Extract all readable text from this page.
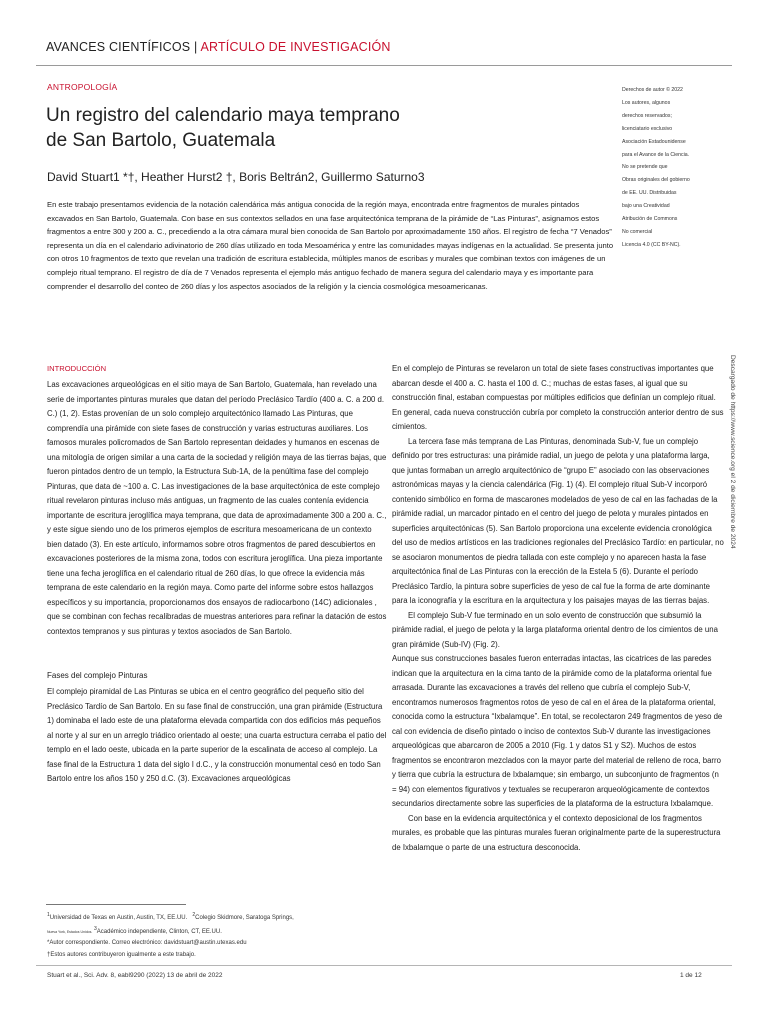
AVANCES CIENTÍFICOS | ARTÍCULO DE INVESTIGACIÓN
ANTROPOLOGÍA
Un registro del calendario maya temprano de San Bartolo, Guatemala
David Stuart1 *†, Heather Hurst2 †, Boris Beltrán2, Guillermo Saturno3
Derechos de autor © 2022
Los autores, algunos
derechos reservados;
licenciatario exclusivo
Asociación Estadounidense
para el Avance de la Ciencia.
No se pretende que
Obras originales del gobierno
de EE. UU. Distribuidas
bajo una Creatividad
Atribución de Commons
No comercial
Licencia 4.0 (CC BY-NC).

En este trabajo presentamos evidencia de la notación calendárica más antigua conocida de la región maya, encontrada entre fragmentos de murales pintados excavados en San Bartolo, Guatemala. Con base en sus contextos sellados en una fase arquitectónica temprana de la pirámide de “Las Pinturas”, asignamos estos fragmentos a entre 300 y 200 a. C., precediendo a la otra cámara mural bien conocida de San Bartolo por aproximadamente 150 años. El registro de fecha “7 Venados” representa un día en el calendario adivinatorio de 260 días utilizado en toda Mesoamérica y entre las comunidades mayas indígenas en la actualidad. Se presenta junto con otros 10 fragmentos de texto que revelan una tradición de escritura establecida, múltiples manos de escribas y murales que combinan textos con imágenes de un complejo ritual temprano. El registro de día de 7 Venados representa el ejemplo más antiguo fechado de manera segura del calendario maya y es importante para comprender el desarrollo del conteo de 260 días y los aspectos asociados de la religión y la ciencia cosmológica mesoamericanas.

INTRODUCCIÓN

Las excavaciones arqueológicas en el sitio maya de San Bartolo, Guatemala, han revelado una serie de importantes pinturas murales que datan del período Preclásico Tardío (400 a. C. a 200 d. C.) (1, 2). Estas provenían de un solo complejo arquitectónico llamado Las Pinturas, que comprendía una pirámide con siete fases de construcción y varias estructuras auxiliares. Los famosos murales policromados de San Bartolo representan deidades y humanos en escenas de una mitología de origen similar a una carta de la sociedad y religión maya de las tierras bajas, que fueron pintados dentro de un templo, la Estructura Sub-1A, de la penúltima fase del complejo Pinturas, que data de ~100 a. C. Las investigaciones de la base arquitectónica de este complejo ritual revelaron pinturas incluso más antiguas, un fragmento de las cuales contenía evidencia importante de escritura jeroglífica maya temprana, que data de aproximadamente 300 a 200 a. C., y este sigue siendo uno de los primeros ejemplos de escritura mesoamericana de un contexto bien datado (3). En este artículo, informamos sobre otros fragmentos de pared descubiertos en excavaciones posteriores de la misma zona, todos con escritura jeroglífica. Una pieza importante tiene una fecha jeroglífica en el calendario ritual de 260 días, lo que ofrece la evidencia más temprana de este calendario en la región maya. Como parte del informe sobre estos hallazgos específicos y su importancia, proporcionamos dos ensayos de radiocarbono (14C) adicionales , que se combinan con fechas recalibradas de muestras anteriores para refinar la datación de estos contextos tempranos y sus pinturas y textos asociados de San Bartolo.

Fases del complejo Pinturas

El complejo piramidal de Las Pinturas se ubica en el centro geográfico del pequeño sitio del Preclásico Tardío de San Bartolo. En su fase final de construcción, una gran pirámide (Estructura 1) dominaba el lado este de una plataforma elevada compartida con dos edificios más pequeños al norte y al sur en un arreglo triádico orientado al oeste; una cuarta estructura cerraba el patio del templo en el lado oeste, ubicada en la parte superior de la escalinata de acceso al complejo. La fase final de la Estructura 1 data del siglo I d.C., y la construcción monumental cesó en todo San Bartolo entre los años 150 y 250 d.C. (3). Excavaciones arqueológicas

En el complejo de Pinturas se revelaron un total de siete fases constructivas importantes que abarcan desde el 400 a. C. hasta el 100 d. C.; muchas de estas fases, al igual que su construcción final, estaban compuestas por múltiples edificios que definían un complejo ritual. En general, cada nueva construcción cubría por completo la construcción anterior dentro de sus cimientos.

La tercera fase más temprana de Las Pinturas, denominada Sub-V, fue un complejo definido por tres estructuras: una pirámide radial, un juego de pelota y una plataforma larga, que juntas formaban un arreglo arquitectónico de “grupo E” asociado con las observaciones astronómicas mayas y la ciencia calendárica (Fig. 1) (4). El complejo ritual Sub-V incorporó contenido simbólico en forma de mascarones modelados de yeso de cal en las fachadas de la pirámide radial, un marcador pintado en el centro del juego de pelota y murales pintados en superficies arquitectónicas (5). San Bartolo proporciona una excelente evidencia cronológica del uso de medios artísticos en las tradiciones regionales del Preclásico Tardío: en particular, no se asociaron monumentos de piedra tallada con este complejo y no aparecen hasta la fase arquitectónica final de Las Pinturas con la erección de la Estela 5 (6). Durante el período Preclásico Tardío, la pintura sobre superficies de yeso de cal fue la forma de arte dominante para la iconografía y la escritura en la arquitectura y los paisajes mayas de las tierras bajas.

El complejo Sub-V fue terminado en un solo evento de construcción que subsumió la pirámide radial, el juego de pelota y la larga plataforma oriental dentro de los cimientos de una gran pirámide (Sub-IV) (Fig. 2).

Aunque sus construcciones basales fueron enterradas intactas, las cicatrices de las paredes indican que la arquitectura en la cima tanto de la pirámide como de la plataforma oriental fue arrasada. Durante las excavaciones a través del relleno que cubría el complejo Sub-V, encontramos numerosos fragmentos rotos de yeso de cal en el área de la plataforma oriental, conocida como la estructura “Ixbalamque”. En total, se recolectaron 249 fragmentos de yeso de cal con evidencia de diseño pintado o inciso de contextos Sub-V durante las investigaciones arqueológicas que abarcaron de 2005 a 2010 (Fig. 1 y datos S1 y S2). Muchos de estos fragmentos se encontraron mezclados con la mayor parte del material de relleno de roca, barro y tierra que cubría la estructura de Ixbalamque; sin embargo, un subconjunto de fragmentos (n = 94) con elementos figurativos y textuales se recuperaron arqueológicamente de contextos secundarios directamente sobre las superficies de la plataforma de la estructura Ixbalamque.

Con base en la evidencia arquitectónica y el contexto deposicional de los fragmentos murales, es probable que las pinturas murales fueran originalmente parte de la superestructura de Ixbalamque o parte de una estructura desconocida.

$^1$Universidad de Texas en Austin, Austin, TX, EE.UU. $^2$Colegio Skidmore, Saratoga Springs,
Nueva York, Estados Unidos. $^3$Académico independiente, Clinton, CT, EE.UU.
*Autor correspondiente. Correo electrónico: davidstuart@austin.utexas.edu
†Estos autores contribuyeron igualmente a este trabajo.
Descargado de https://www.science.org el 2 de diciembre de 2024
Stuart et al., Sci. Adv. 8, eabl9290 (2022) 13 de abril de 2022	1 de 12
